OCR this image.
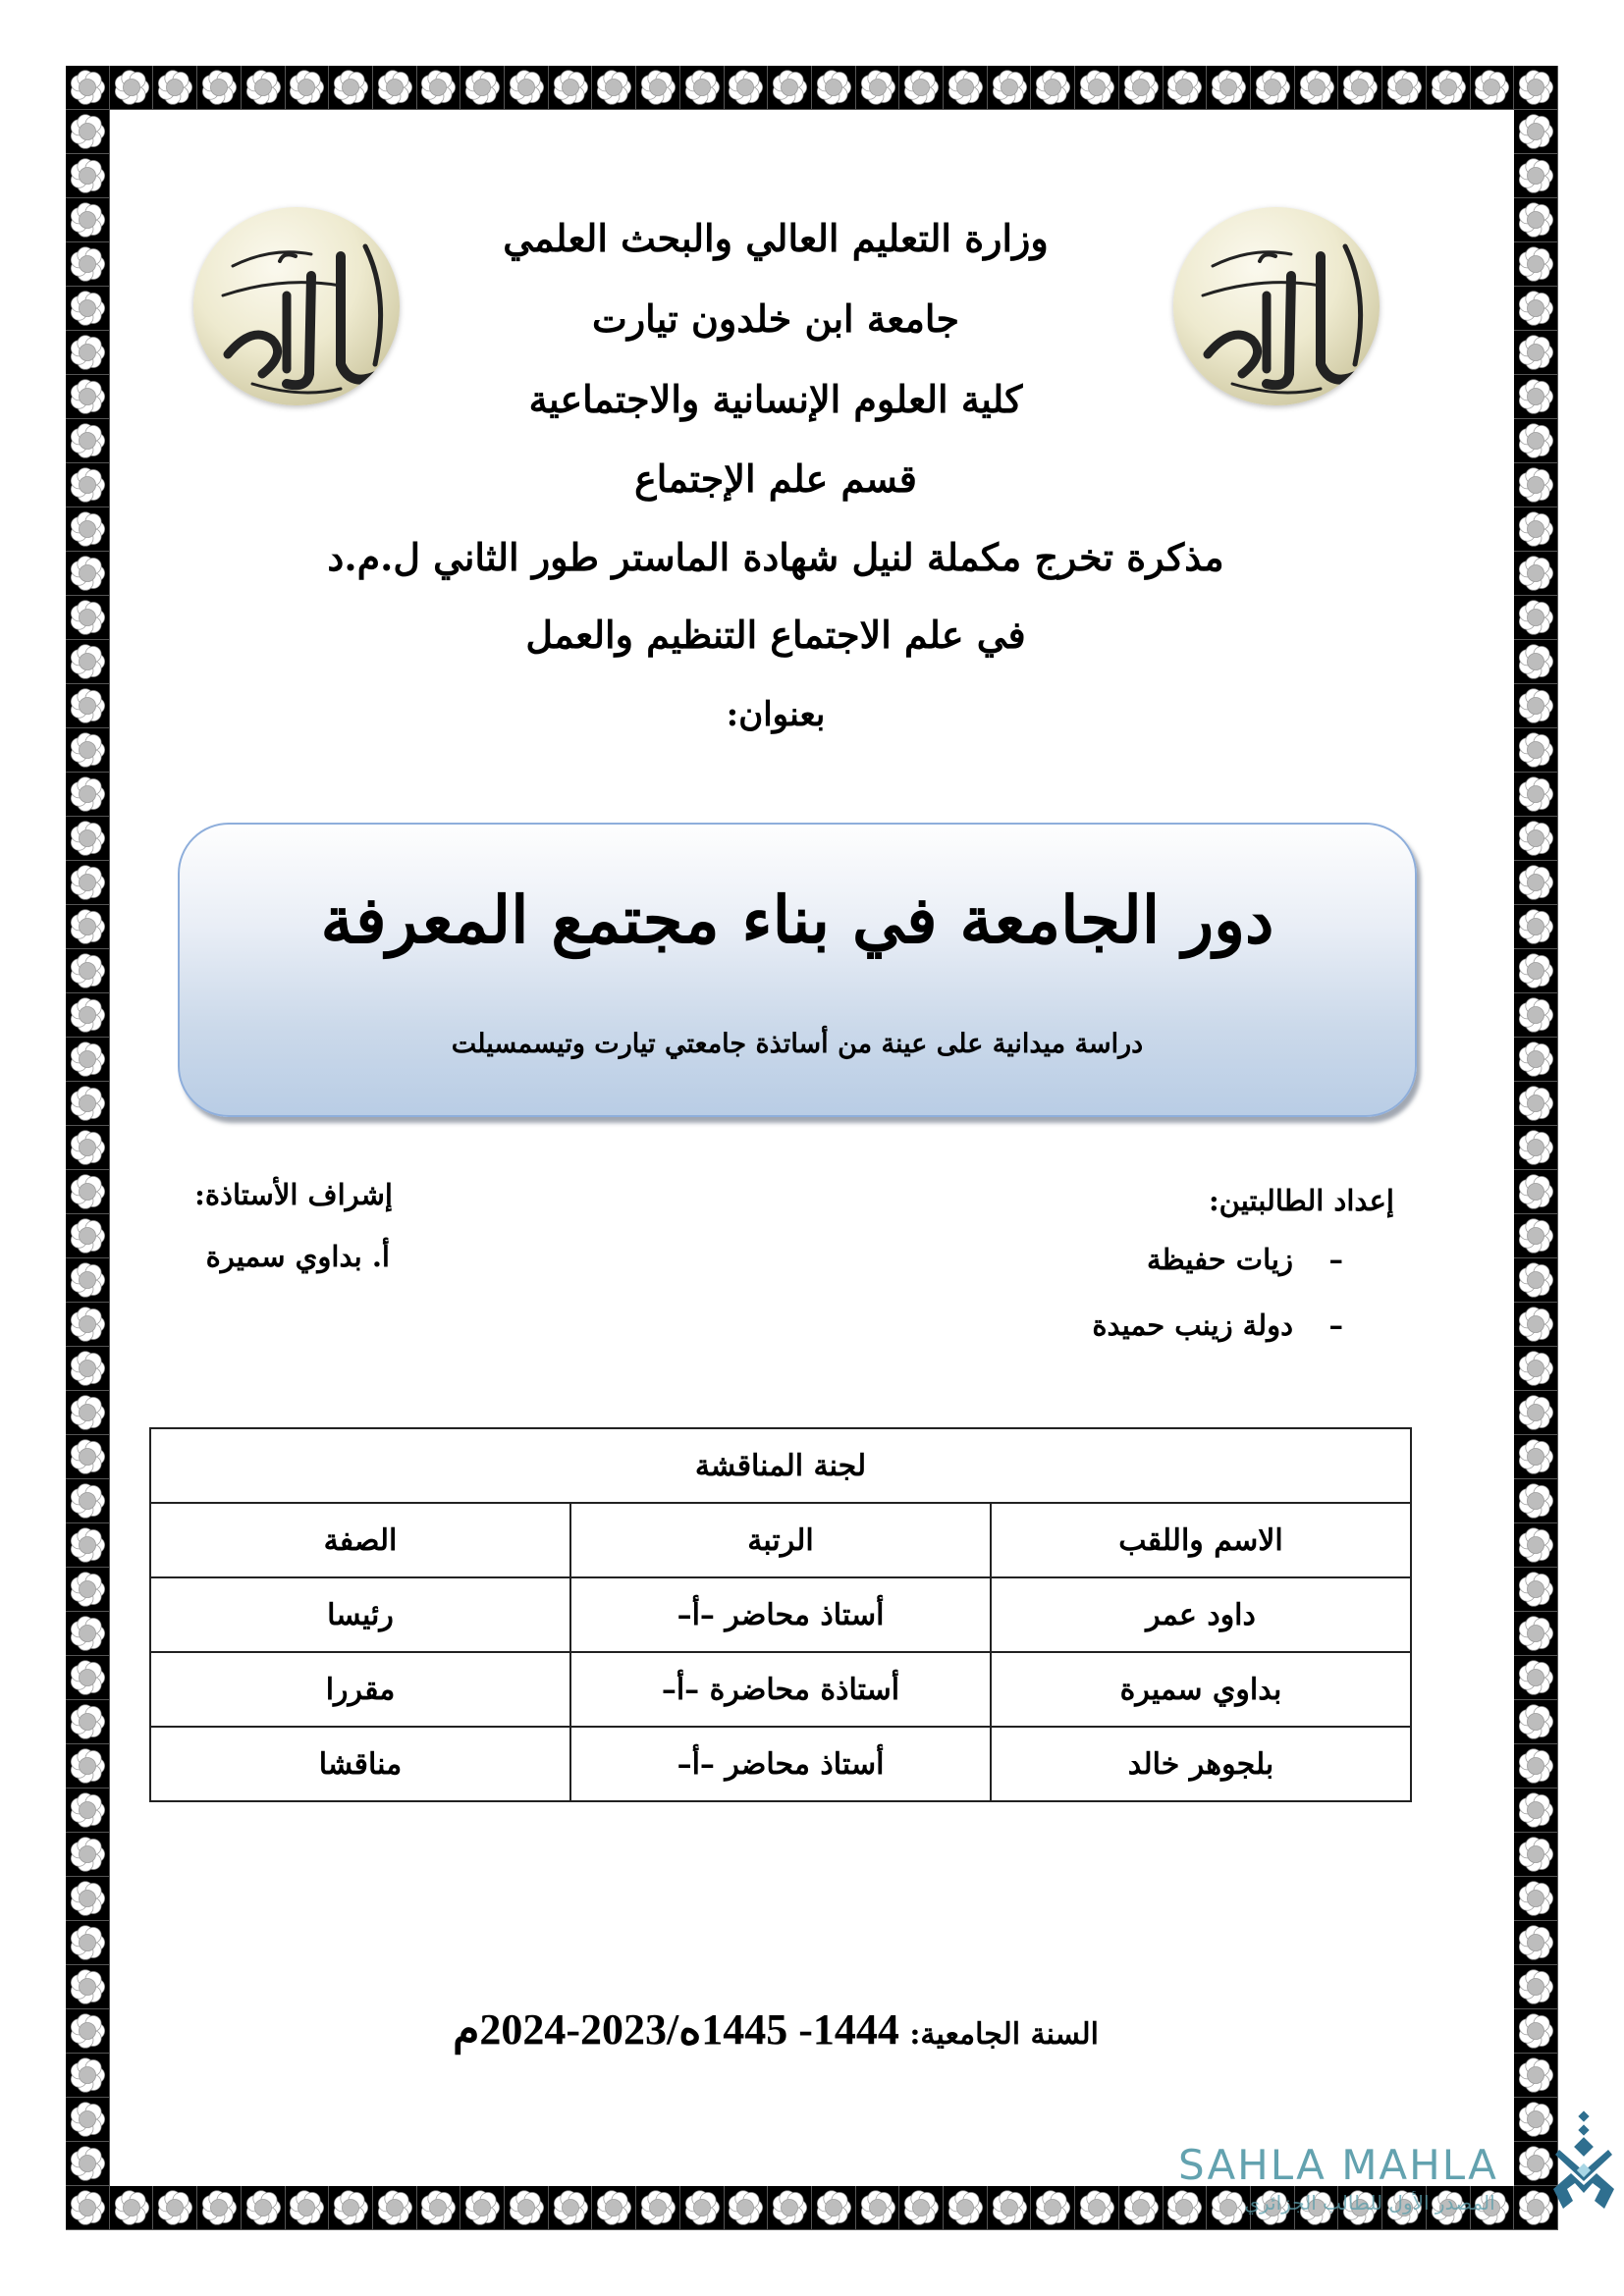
وزارة التعليم العالي والبحث العلمي
جامعة ابن خلدون تيارت
كلية العلوم الإنسانية والاجتماعية
قسم علم الإجتماع
مذكرة تخرج مكملة لنيل شهادة الماستر طور الثاني ل.م.د
في علم الاجتماع التنظيم والعمل
بعنوان:
دور الجامعة في بناء مجتمع المعرفة
دراسة ميدانية على عينة من أساتذة جامعتي تيارت وتيسمسيلت
إعداد الطالبتين:
–
زيات حفيظة
–
دولة زينب حميدة
إشراف الأستاذة:
أ. بداوي سميرة
لجنة المناقشة		
الاسم واللقب	الرتبة	الصفة
داود عمر	أستاذ محاضر –أ–	رئيسا
بداوي سميرة	أستاذة محاضرة –أ–	مقررا
بلجوهر خالد	أستاذ محاضر –أ–	مناقشا
السنة الجامعية: 1444- 1445ه/2023-2024م
SAHLA MAHLA
المصدر الأول للطالب الجزائري
